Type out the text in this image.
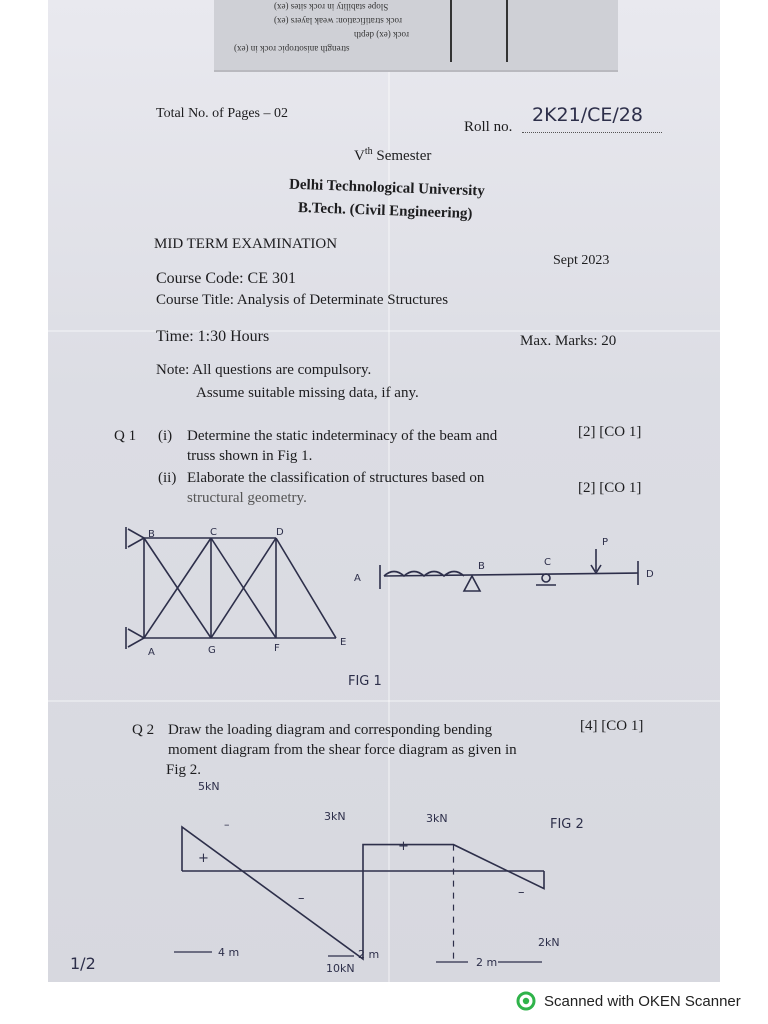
Slope stability in rock sites (ex)
rock stratification: weak layers (ex)
rock (ex) depth
strength anisotropic rock in (ex)
Total No. of Pages – 02
Roll no.
2K21/CE/28
Vth Semester
Delhi Technological University
B.Tech. (Civil Engineering)
MID TERM EXAMINATION
Sept 2023
Course Code: CE 301
Course Title: Analysis of Determinate Structures
Time: 1:30 Hours	Max. Marks: 20
Note: All questions are compulsory.
Assume suitable missing data, if any.
Q 1 (i) Determine the static indeterminacy of the beam and
truss shown in Fig 1.
[2] [CO 1]
(ii) Elaborate the classification of structures based on
structural geometry.
[2] [CO 1]
B	C	D
A	G	F
E
A
B	C
P
D
FIG 1
Q 2 Draw the loading diagram and corresponding bending
moment diagram from the shear force diagram as given in
Fig 2.
[4] [CO 1]
5kN
3kN	3kN
2kN
10kN
FIG 2
+
+
–
–
–
4 m	2 m
2 m
1/2
Scanned with OKEN Scanner
